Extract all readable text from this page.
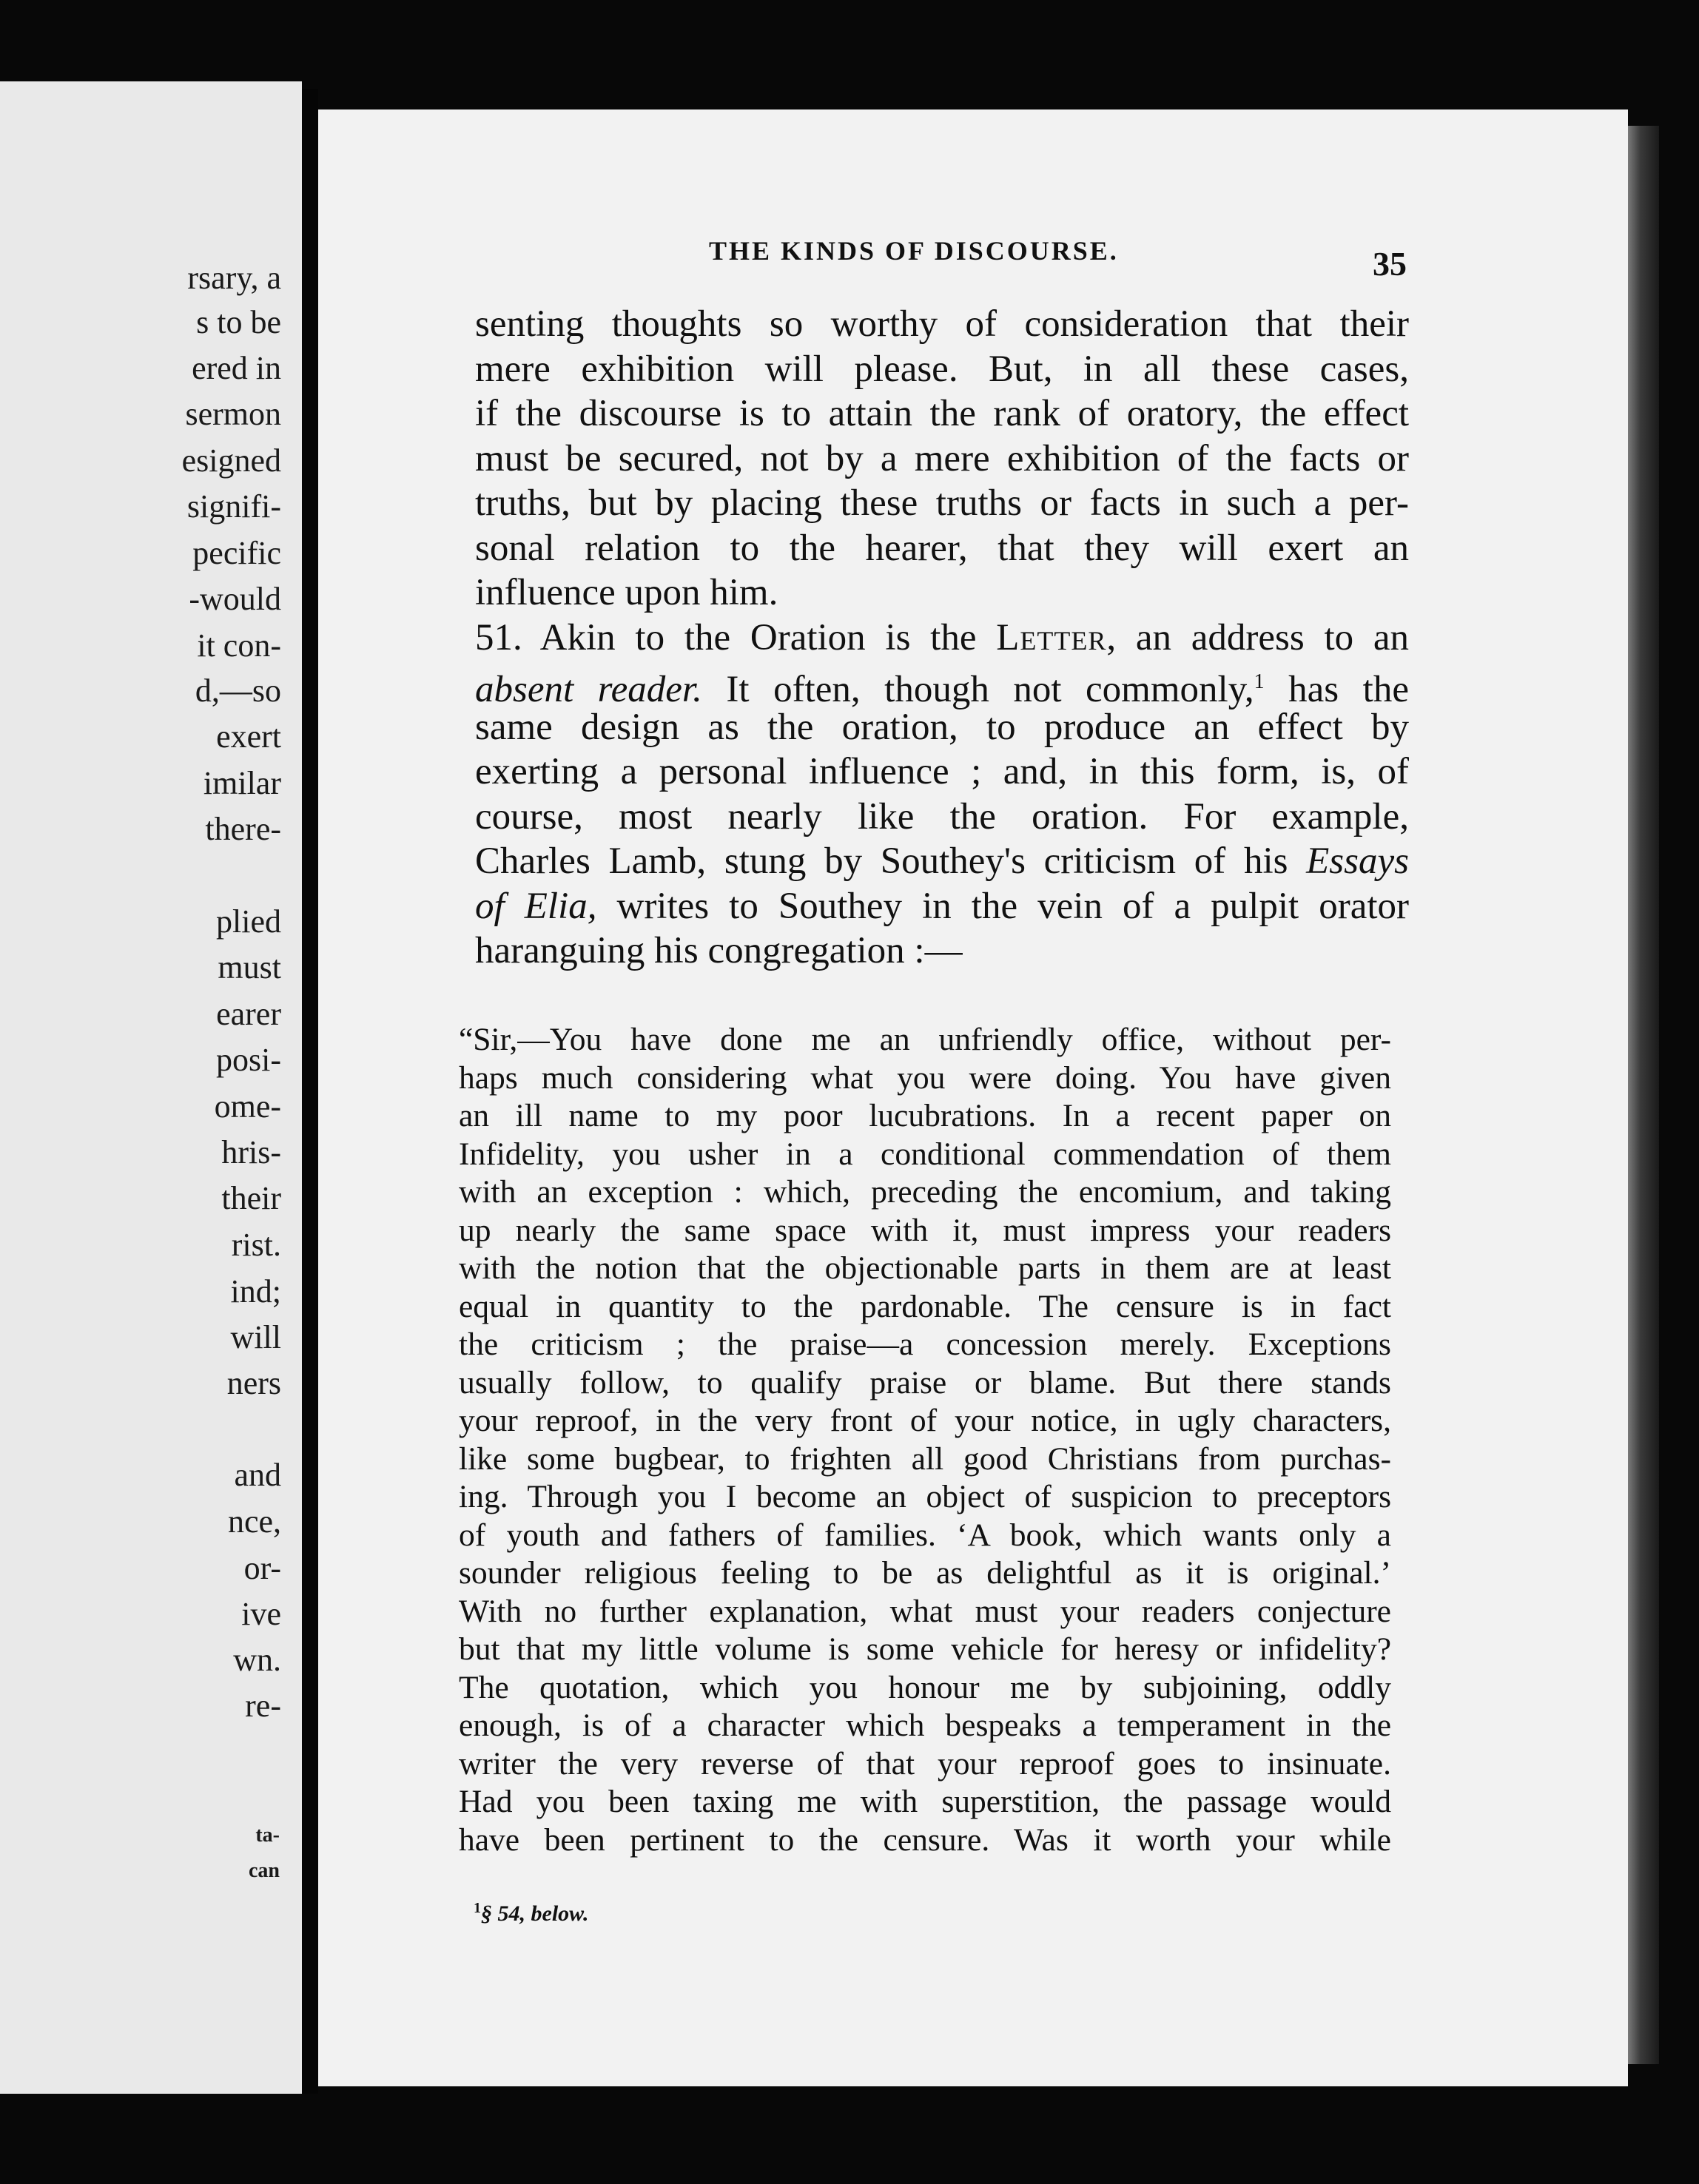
rsary, a
s to be
ered in
sermon
esigned
signifi-
pecific
-would
it con-
d,—so
exert
imilar
there-
plied
must
earer
posi-
ome-
hris-
their
rist.
ind;
will
ners
and
nce,
or-
ive
wn.
re-
ta-
can
THE KINDS OF DISCOURSE.	35
senting thoughts so worthy of consideration that their
mere exhibition will please. But, in all these cases,
if the discourse is to attain the rank of oratory, the effect
must be secured, not by a mere exhibition of the facts or
truths, but by placing these truths or facts in such a per-
sonal relation to the hearer, that they will exert an
influence upon him.
51. Akin to the Oration is the Letter, an address to an
absent reader. It often, though not commonly,$^1$ has the
same design as the oration, to produce an effect by
exerting a personal influence ; and, in this form, is, of
course, most nearly like the oration. For example,
Charles Lamb, stung by Southey's criticism of his Essays
of Elia, writes to Southey in the vein of a pulpit orator
haranguing his congregation :—
“Sir,—You have done me an unfriendly office, without per-
haps much considering what you were doing. You have given
an ill name to my poor lucubrations. In a recent paper on
Infidelity, you usher in a conditional commendation of them
with an exception : which, preceding the encomium, and taking
up nearly the same space with it, must impress your readers
with the notion that the objectionable parts in them are at least
equal in quantity to the pardonable. The censure is in fact
the criticism ; the praise—a concession merely. Exceptions
usually follow, to qualify praise or blame. But there stands
your reproof, in the very front of your notice, in ugly characters,
like some bugbear, to frighten all good Christians from purchas-
ing. Through you I become an object of suspicion to preceptors
of youth and fathers of families. ‘A book, which wants only a
sounder religious feeling to be as delightful as it is original.’
With no further explanation, what must your readers conjecture
but that my little volume is some vehicle for heresy or infidelity?
The quotation, which you honour me by subjoining, oddly
enough, is of a character which bespeaks a temperament in the
writer the very reverse of that your reproof goes to insinuate.
Had you been taxing me with superstition, the passage would
have been pertinent to the censure. Was it worth your while
$^1$§ 54, below.
